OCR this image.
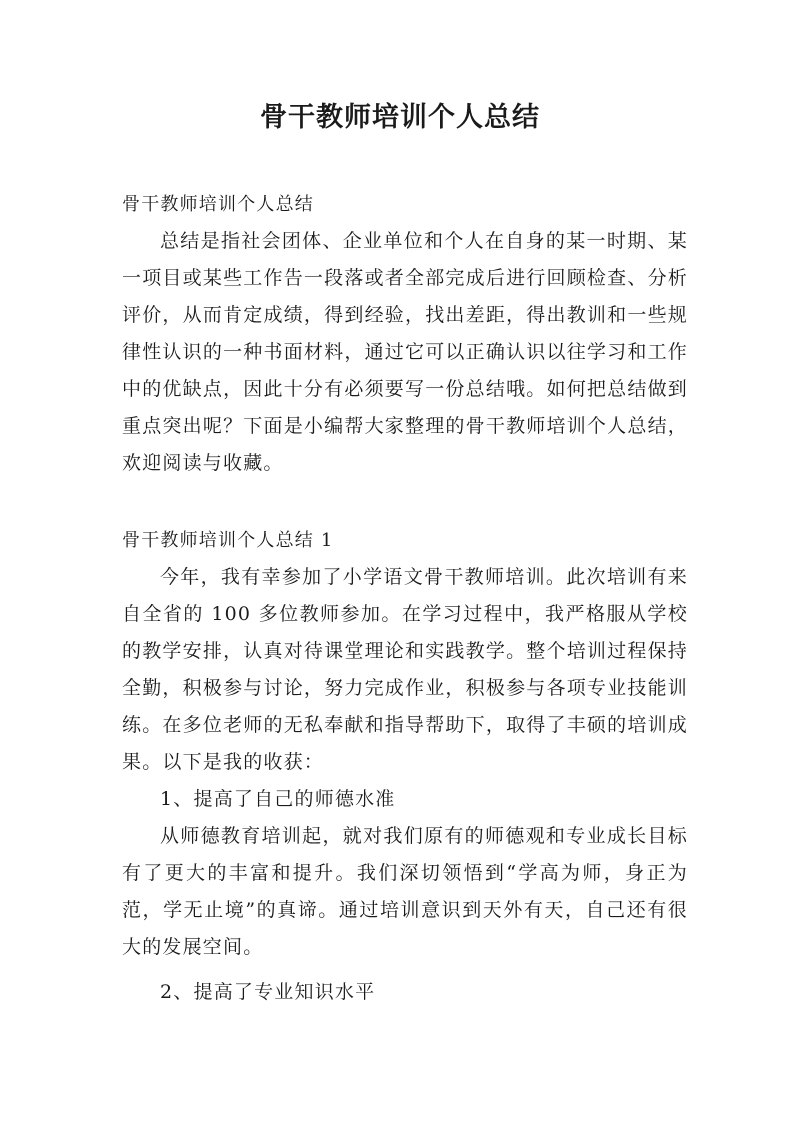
骨干教师培训个人总结

骨干教师培训个人总结

总结是指社会团体、企业单位和个人在自身的某一时期、某一项目或某些工作告一段落或者全部完成后进行回顾检查、分析评价，从而肯定成绩，得到经验，找出差距，得出教训和一些规律性认识的一种书面材料，通过它可以正确认识以往学习和工作中的优缺点，因此十分有必须要写一份总结哦。如何把总结做到重点突出呢？下面是小编帮大家整理的骨干教师培训个人总结，欢迎阅读与收藏。

骨干教师培训个人总结 1

今年，我有幸参加了小学语文骨干教师培训。此次培训有来自全省的 100 多位教师参加。在学习过程中，我严格服从学校的教学安排，认真对待课堂理论和实践教学。整个培训过程保持全勤，积极参与讨论，努力完成作业，积极参与各项专业技能训练。在多位老师的无私奉献和指导帮助下，取得了丰硕的培训成果。以下是我的收获：

1、提高了自己的师德水准

从师德教育培训起，就对我们原有的师德观和专业成长目标有了更大的丰富和提升。我们深切领悟到“学高为师，身正为范，学无止境”的真谛。通过培训意识到天外有天，自己还有很大的发展空间。

2、提高了专业知识水平
